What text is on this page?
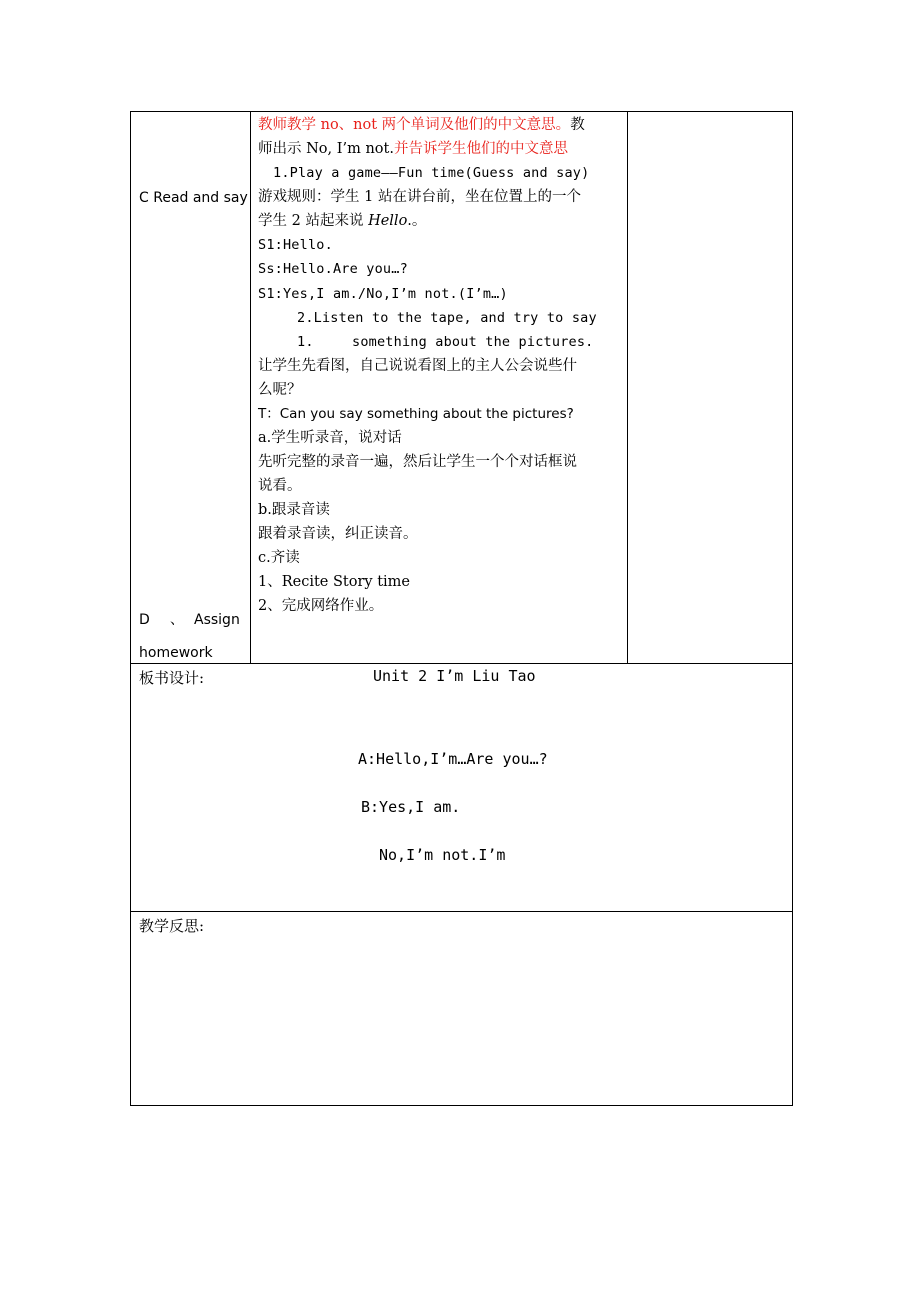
C Read and say
D 、 Assign
homework
教师教学 no、not 两个单词及他们的中文意思。教
师出示 No, I’m not.并告诉学生他们的中文意思
1.Play a game——Fun time(Guess and say)
游戏规则：学生 1 站在讲台前，坐在位置上的一个
学生 2 站起来说 Hello.。
S1:Hello.
Ss:Hello.Are you…?
S1:Yes,I am./No,I’m not.(I’m…)
2.Listen to the tape, and try to say
1.	something about the pictures.
让学生先看图，自己说说看图上的主人公会说些什
么呢？
T：Can you say something about the pictures?
a.学生听录音，说对话
先听完整的录音一遍，然后让学生一个个对话框说
说看。
b.跟录音读
跟着录音读，纠正读音。
c.齐读
1、Recite Story time
2、完成网络作业。
板书设计:	Unit 2 I’m Liu Tao
A:Hello,I’m…Are you…?
B:Yes,I am.
No,I’m not.I’m
教学反思:
